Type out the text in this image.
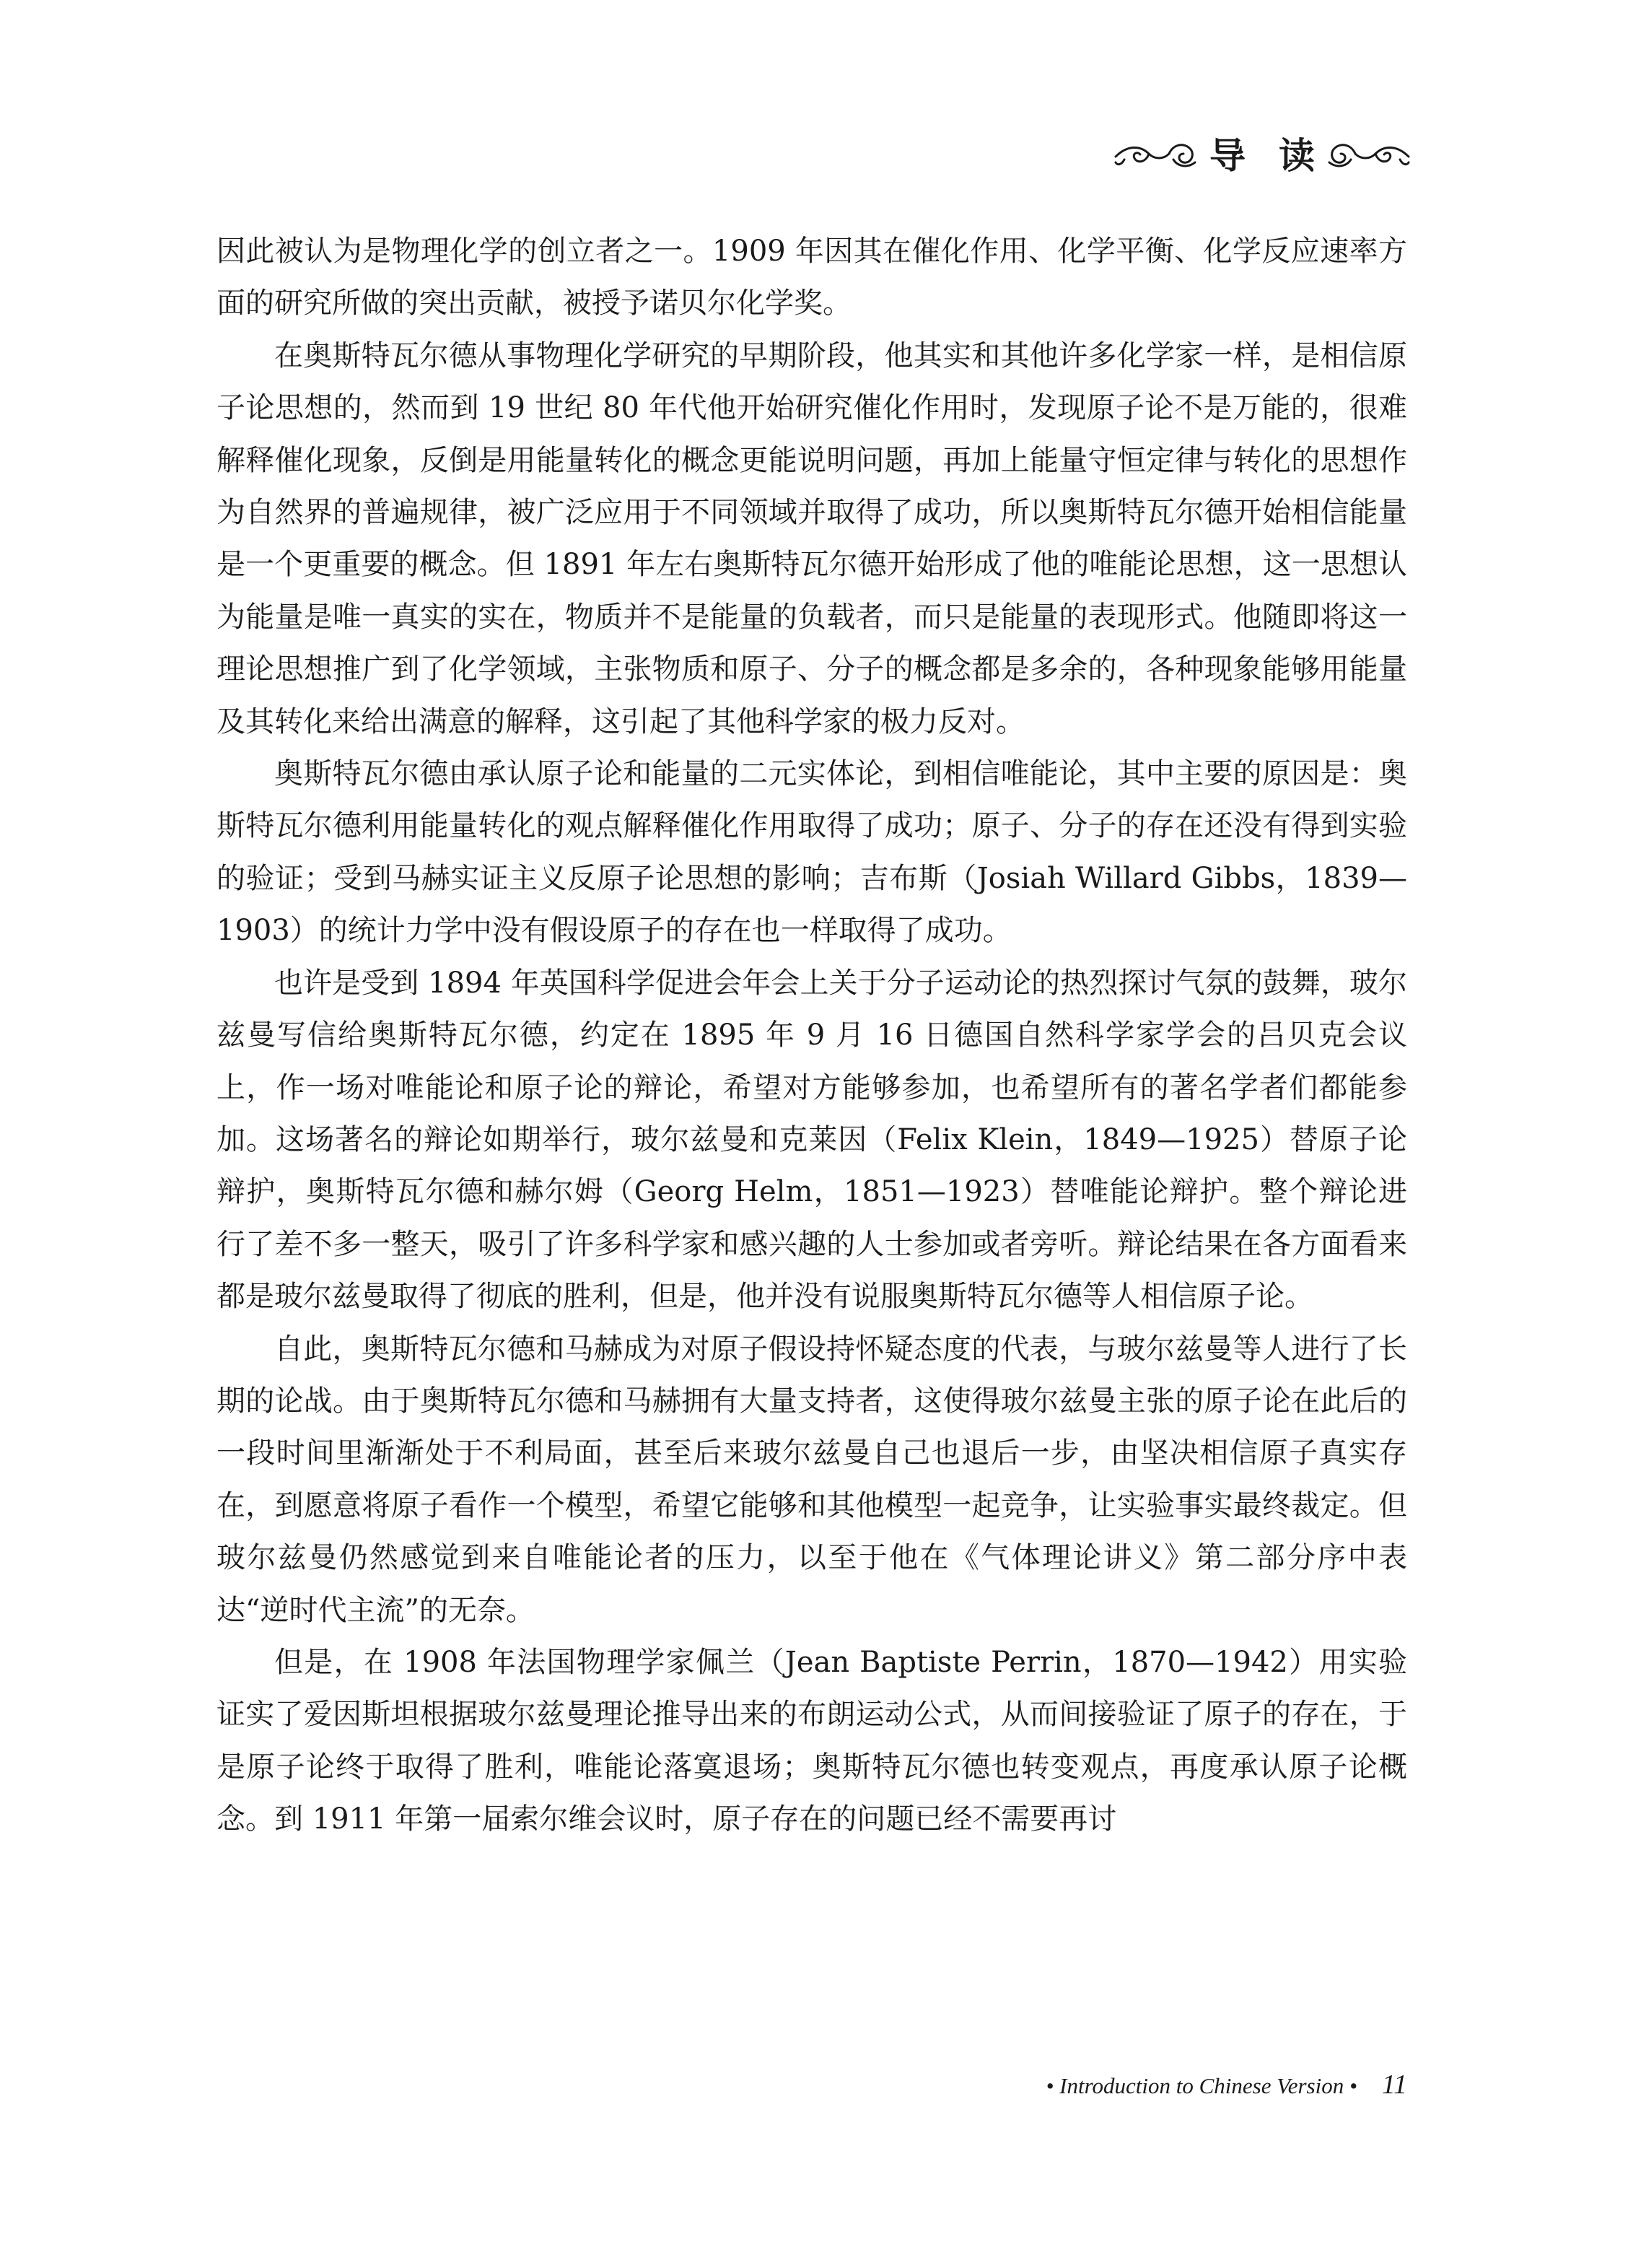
导读

因此被认为是物理化学的创立者之一。1909 年因其在催化作用、化学平衡、化学反应速率方面的研究所做的突出贡献，被授予诺贝尔化学奖。

在奥斯特瓦尔德从事物理化学研究的早期阶段，他其实和其他许多化学家一样，是相信原子论思想的，然而到 19 世纪 80 年代他开始研究催化作用时，发现原子论不是万能的，很难解释催化现象，反倒是用能量转化的概念更能说明问题，再加上能量守恒定律与转化的思想作为自然界的普遍规律，被广泛应用于不同领域并取得了成功，所以奥斯特瓦尔德开始相信能量是一个更重要的概念。但 1891 年左右奥斯特瓦尔德开始形成了他的唯能论思想，这一思想认为能量是唯一真实的实在，物质并不是能量的负载者，而只是能量的表现形式。他随即将这一理论思想推广到了化学领域，主张物质和原子、分子的概念都是多余的，各种现象能够用能量及其转化来给出满意的解释，这引起了其他科学家的极力反对。

奥斯特瓦尔德由承认原子论和能量的二元实体论，到相信唯能论，其中主要的原因是：奥斯特瓦尔德利用能量转化的观点解释催化作用取得了成功；原子、分子的存在还没有得到实验的验证；受到马赫实证主义反原子论思想的影响；吉布斯（Josiah Willard Gibbs，1839—1903）的统计力学中没有假设原子的存在也一样取得了成功。

也许是受到 1894 年英国科学促进会年会上关于分子运动论的热烈探讨气氛的鼓舞，玻尔兹曼写信给奥斯特瓦尔德，约定在 1895 年 9 月 16 日德国自然科学家学会的吕贝克会议上，作一场对唯能论和原子论的辩论，希望对方能够参加，也希望所有的著名学者们都能参加。这场著名的辩论如期举行，玻尔兹曼和克莱因（Felix Klein，1849—1925）替原子论辩护，奥斯特瓦尔德和赫尔姆（Georg Helm，1851—1923）替唯能论辩护。整个辩论进行了差不多一整天，吸引了许多科学家和感兴趣的人士参加或者旁听。辩论结果在各方面看来都是玻尔兹曼取得了彻底的胜利，但是，他并没有说服奥斯特瓦尔德等人相信原子论。

自此，奥斯特瓦尔德和马赫成为对原子假设持怀疑态度的代表，与玻尔兹曼等人进行了长期的论战。由于奥斯特瓦尔德和马赫拥有大量支持者，这使得玻尔兹曼主张的原子论在此后的一段时间里渐渐处于不利局面，甚至后来玻尔兹曼自己也退后一步，由坚决相信原子真实存在，到愿意将原子看作一个模型，希望它能够和其他模型一起竞争，让实验事实最终裁定。但玻尔兹曼仍然感觉到来自唯能论者的压力，以至于他在《气体理论讲义》第二部分序中表达“逆时代主流”的无奈。

但是，在 1908 年法国物理学家佩兰（Jean Baptiste Perrin，1870—1942）用实验证实了爱因斯坦根据玻尔兹曼理论推导出来的布朗运动公式，从而间接验证了原子的存在，于是原子论终于取得了胜利，唯能论落寞退场；奥斯特瓦尔德也转变观点，再度承认原子论概念。到 1911 年第一届索尔维会议时，原子存在的问题已经不需要再讨

• Introduction to Chinese Version • 11
